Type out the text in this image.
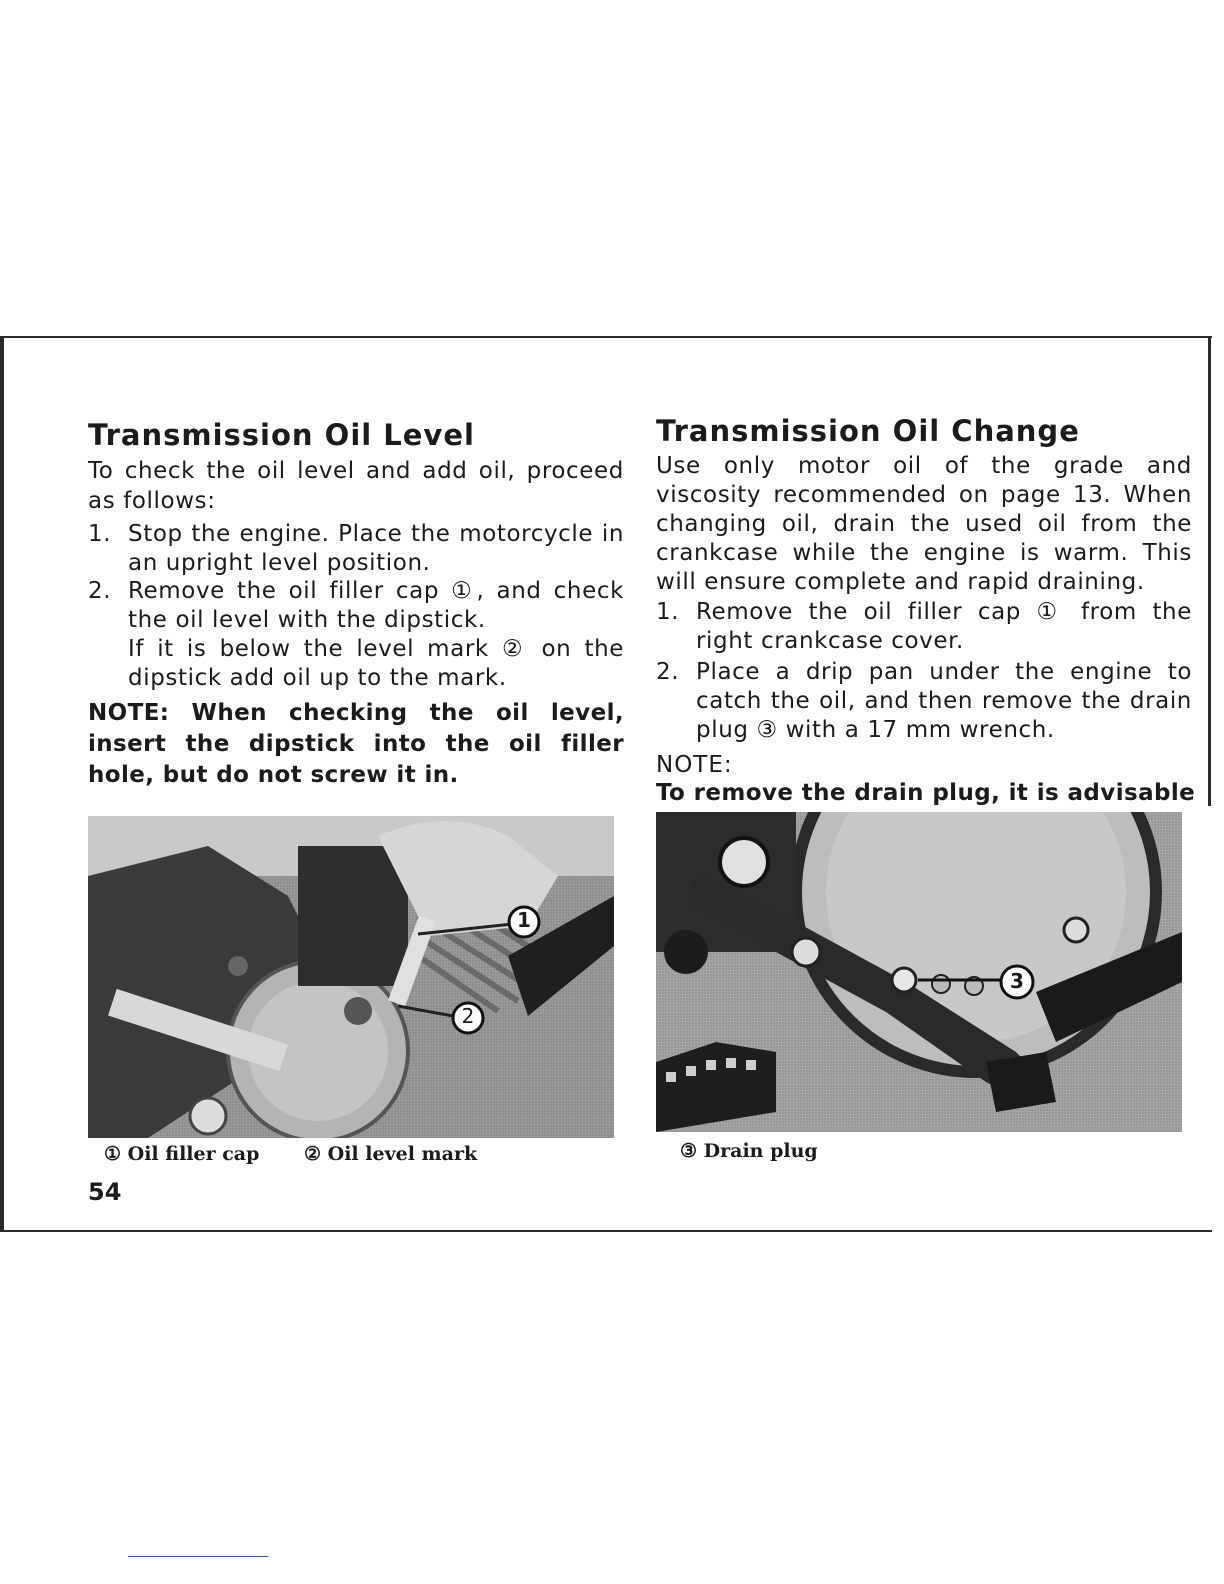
Transmission Oil Level

To check the oil level and add oil, proceed as follows:

1. Stop the engine. Place the motorcycle in an upright level position.
2. Remove the oil filler cap ①, and check the oil level with the dipstick.
If it is below the level mark ② on the dipstick add oil up to the mark.

NOTE: When checking the oil level, insert the dipstick into the oil filler hole, but do not screw it in.

1
2
① Oil filler cap ② Oil level mark
54
Transmission Oil Change

Use only motor oil of the grade and viscosity recommended on page 13. When changing oil, drain the used oil from the crankcase while the engine is warm. This will ensure complete and rapid draining.

1. Remove the oil filler cap ① from the right crankcase cover.
2. Place a drip pan under the engine to catch the oil, and then remove the drain plug ③ with a 17 mm wrench.

NOTE:

To remove the drain plug, it is advisable

3
③ Drain plug
